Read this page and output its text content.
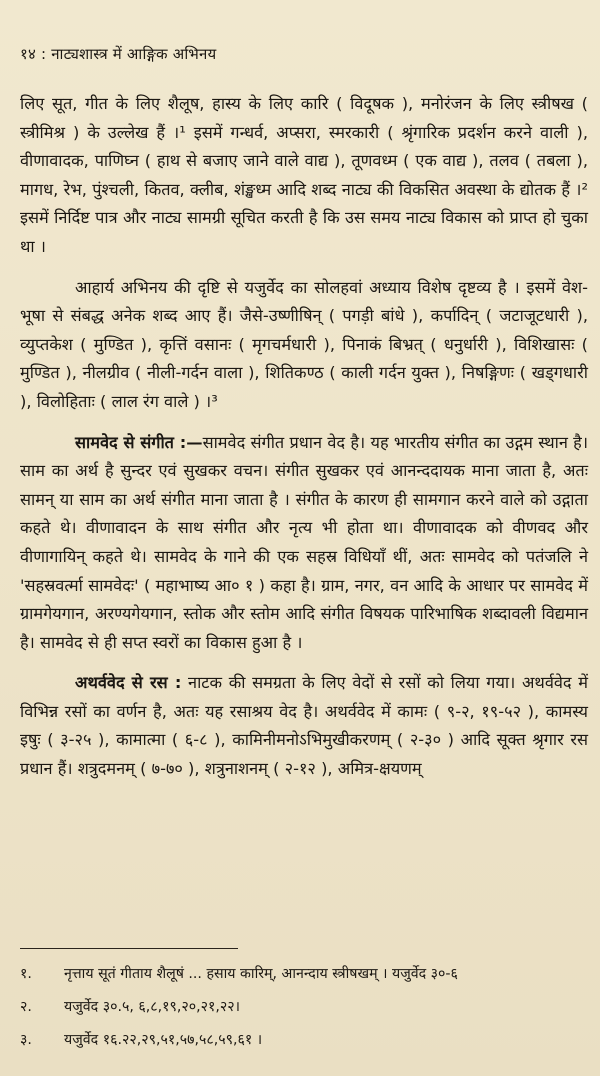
१४ : नाट्यशास्त्र में आङ्गिक अभिनय

लिए सूत, गीत के लिए शैलूष, हास्य के लिए कारि ( विदूषक ), मनोरंजन के लिए स्त्रीषख ( स्त्रीमिश्र ) के उल्लेख हैं ।¹ इसमें गन्धर्व, अप्सरा, स्मरकारी ( श्रृंगारिक प्रदर्शन करने वाली ), वीणावादक, पाणिघ्न ( हाथ से बजाए जाने वाले वाद्य ), तूणवध्म ( एक वाद्य ), तलव ( तबला ), मागध, रेभ, पुंश्चली, कितव, क्लीब, शंङ्खध्म आदि शब्द नाट्य की विकसित अवस्था के द्योतक हैं ।² इसमें निर्दिष्ट पात्र और नाट्य सामग्री सूचित करती है कि उस समय नाट्य विकास को प्राप्त हो चुका था ।

आहार्य अभिनय की दृष्टि से यजुर्वेद का सोलहवां अध्याय विशेष दृष्टव्य है । इसमें वेश-भूषा से संबद्ध अनेक शब्द आए हैं। जैसे-उष्णीषिन् ( पगड़ी बांधे ), कर्पादिन् ( जटाजूटधारी ), व्युप्तकेश ( मुण्डित ), कृत्तिं वसानः ( मृगचर्मधारी ), पिनाकं बिभ्रत् ( धनुर्धारी ), विशिखासः ( मुण्डित ), नीलग्रीव ( नीली-गर्दन वाला ), शितिकण्ठ ( काली गर्दन युक्त ), निषङ्गिणः ( खड्गधारी ), विलोहिताः ( लाल रंग वाले ) ।³

सामवेद से संगीत :—सामवेद संगीत प्रधान वेद है। यह भारतीय संगीत का उद्गम स्थान है। साम का अर्थ है सुन्दर एवं सुखकर वचन। संगीत सुखकर एवं आनन्ददायक माना जाता है, अतः सामन् या साम का अर्थ संगीत माना जाता है । संगीत के कारण ही सामगान करने वाले को उद्गाता कहते थे। वीणावादन के साथ संगीत और नृत्य भी होता था। वीणावादक को वीणवद और वीणागायिन् कहते थे। सामवेद के गाने की एक सहस्र विधियाँ थीं, अतः सामवेद को पतंजलि ने 'सहस्रवर्त्मा सामवेदः' ( महाभाष्य आ० १ ) कहा है। ग्राम, नगर, वन आदि के आधार पर सामवेद में ग्रामगेयगान, अरण्यगेयगान, स्तोक और स्तोम आदि संगीत विषयक पारिभाषिक शब्दावली विद्यमान है। सामवेद से ही सप्त स्वरों का विकास हुआ है ।

अथर्ववेद से रस : नाटक की समग्रता के लिए वेदों से रसों को लिया गया। अथर्ववेद में विभिन्न रसों का वर्णन है, अतः यह रसाश्रय वेद है। अथर्ववेद में कामः ( ९-२, १९-५२ ), कामस्य इषुः ( ३-२५ ), कामात्मा ( ६-८ ), कामिनीमनोऽभिमुखीकरणम् ( २-३० ) आदि सूक्त श्रृगार रस प्रधान हैं। शत्रुदमनम् ( ७-७० ), शत्रुनाशनम् ( २-१२ ), अमित्र-क्षयणम्

१.	नृत्ताय सूतं गीताय शैलूषं ... हसाय कारिम्, आनन्दाय स्त्रीषखम् । यजुर्वेद ३०-६
२.	यजुर्वेद ३०.५, ६,८,१९,२०,२१,२२।
३.	यजुर्वेद १६.२२,२९,५१,५७,५८,५९,६१ ।
